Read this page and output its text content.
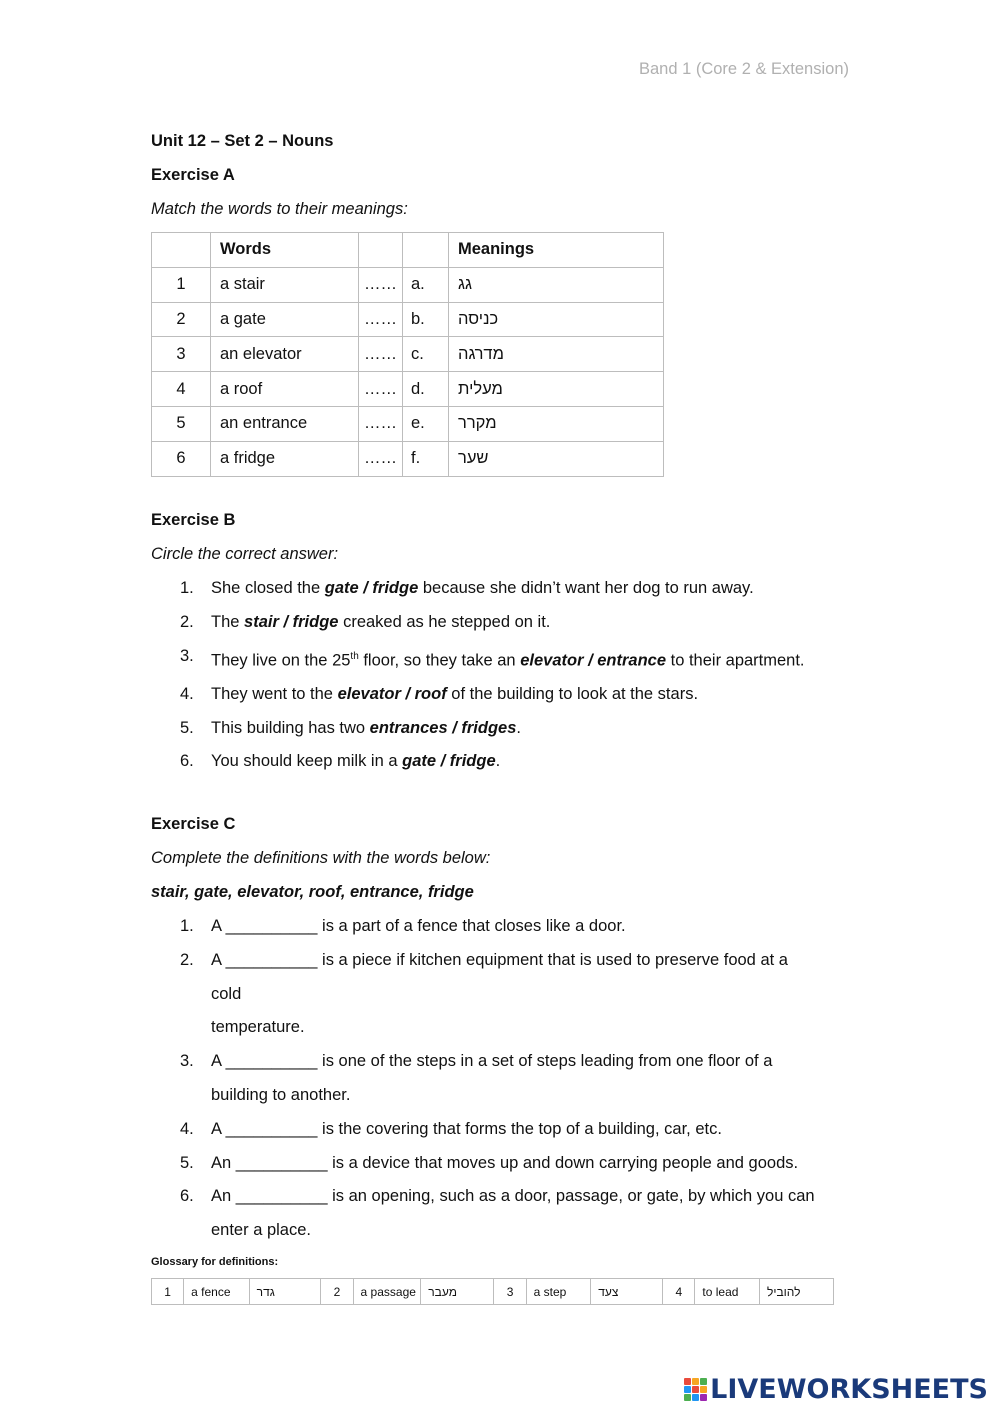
Band 1 (Core 2 & Extension)
Unit 12 – Set 2 – Nouns
Exercise A
Match the words to their meanings:
	Words			Meanings
1	a stair	……	a.	גג
2	a gate	……	b.	כניסה
3	an elevator	……	c.	מדרגה
4	a roof	……	d.	מעלית
5	an entrance	……	e.	מקרר
6	a fridge	……	f.	שער
Exercise B
Circle the correct answer:
1.	She closed the gate / fridge because she didn’t want her dog to run away.
2.	The stair / fridge creaked as he stepped on it.
3.	They live on the 25th floor, so they take an elevator / entrance to their apartment.
4.	They went to the elevator / roof of the building to look at the stars.
5.	This building has two entrances / fridges.
6.	You should keep milk in a gate / fridge.
Exercise C
Complete the definitions with the words below:
stair, gate, elevator, roof, entrance, fridge
1.	A __________ is a part of a fence that closes like a door.
2.	A __________ is a piece if kitchen equipment that is used to preserve food at a cold
temperature.
3.	A __________ is one of the steps in a set of steps leading from one floor of a
building to another.
4.	A __________ is the covering that forms the top of a building, car, etc.
5.	An __________ is a device that moves up and down carrying people and goods.
6.	An __________ is an opening, such as a door, passage, or gate, by which you can
enter a place.
Glossary for definitions:
1	a fence	גדר	2	a passage	מעבר	3	a step	צעד	4	to lead	להוביל
LIVEWORKSHEETS
